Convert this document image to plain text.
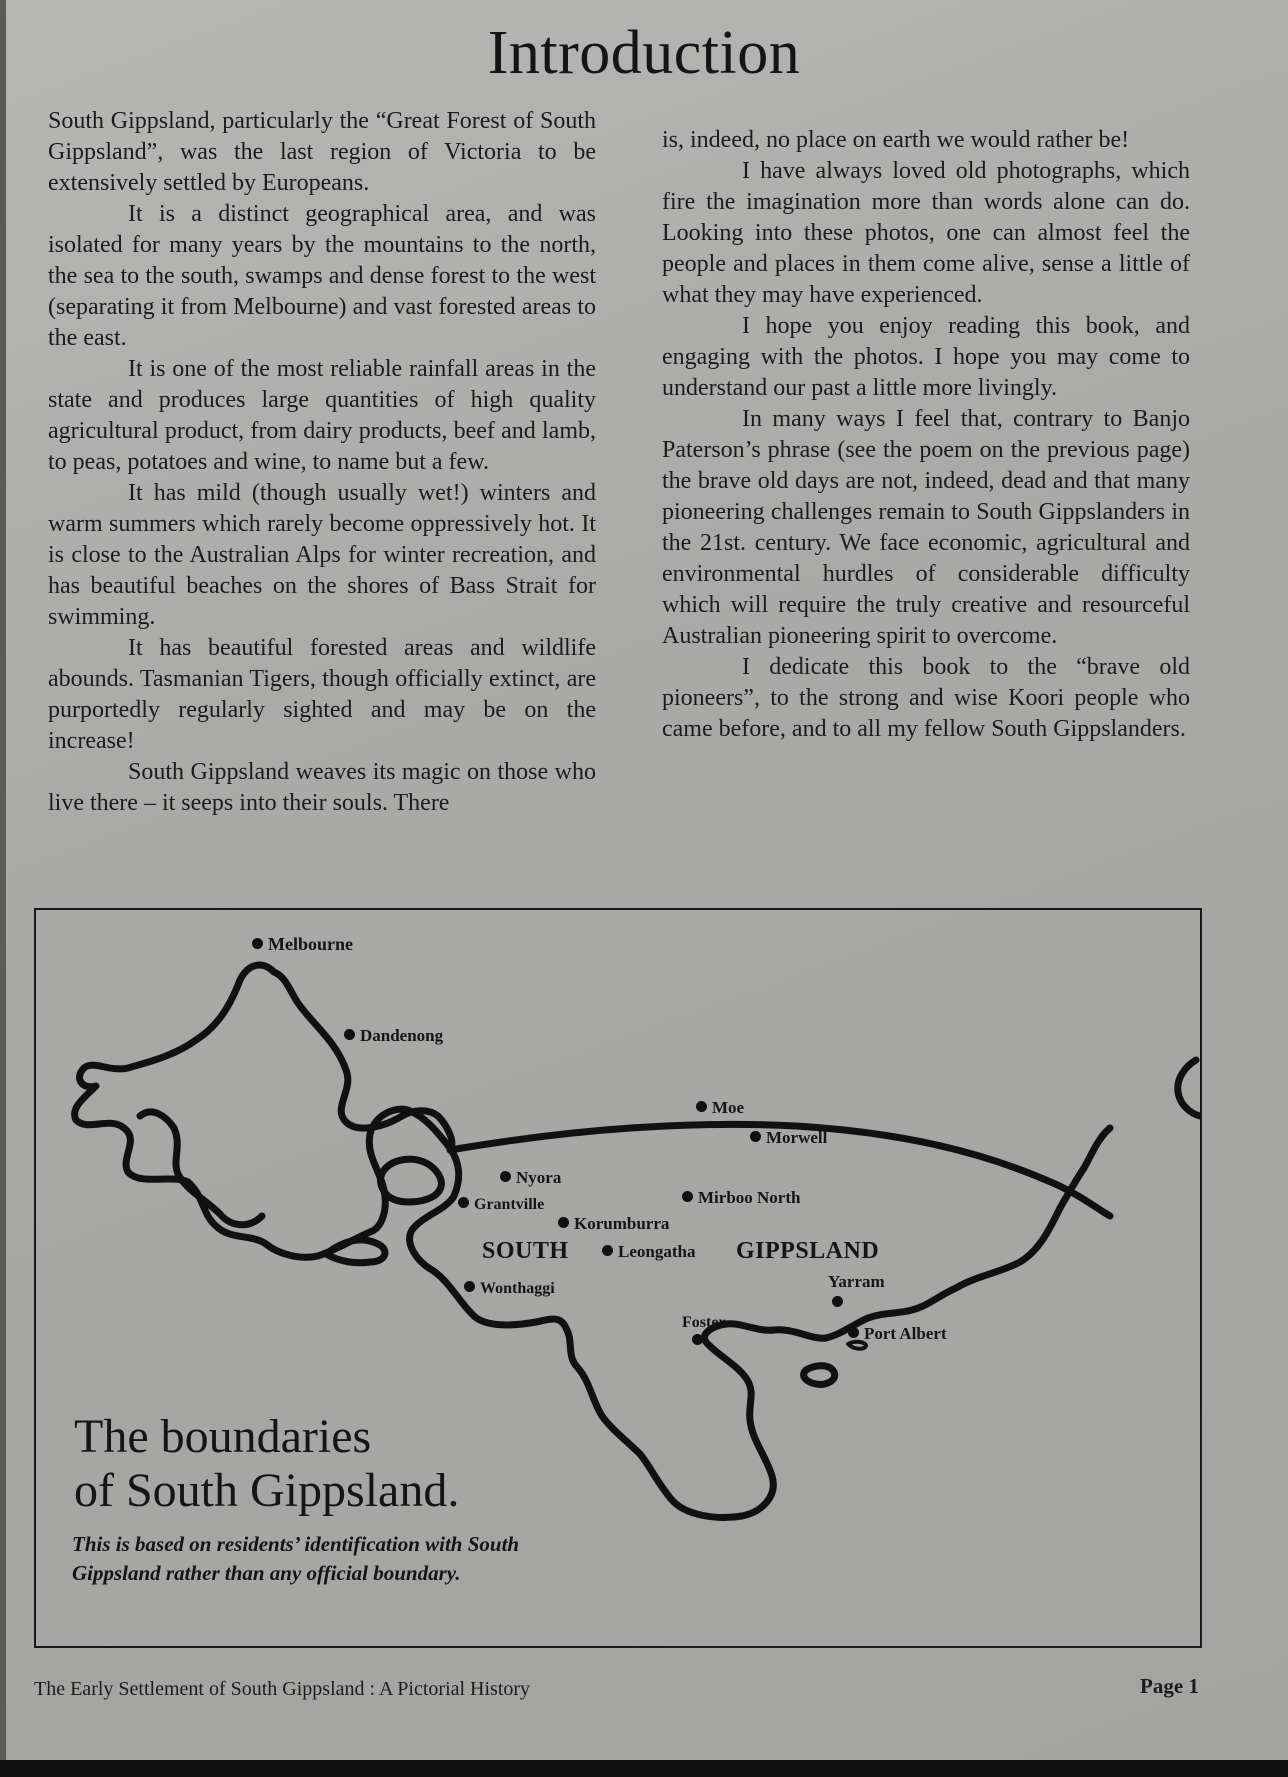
Introduction

South Gippsland, particularly the “Great Forest of South Gippsland”, was the last region of Victoria to be extensively settled by Europeans.

It is a distinct geographical area, and was isolated for many years by the mountains to the north, the sea to the south, swamps and dense forest to the west (separating it from Melbourne) and vast forested areas to the east.

It is one of the most reliable rainfall areas in the state and produces large quantities of high quality agricultural product, from dairy products, beef and lamb, to peas, potatoes and wine, to name but a few.

It has mild (though usually wet!) winters and warm summers which rarely become oppressively hot. It is close to the Australian Alps for winter recreation, and has beautiful beaches on the shores of Bass Strait for swimming.

It has beautiful forested areas and wildlife abounds. Tasmanian Tigers, though officially extinct, are purportedly regularly sighted and may be on the increase!

South Gippsland weaves its magic on those who live there – it seeps into their souls. There

is, indeed, no place on earth we would rather be!

I have always loved old photographs, which fire the imagination more than words alone can do. Looking into these photos, one can almost feel the people and places in them come alive, sense a little of what they may have experienced.

I hope you enjoy reading this book, and engaging with the photos. I hope you may come to understand our past a little more livingly.

In many ways I feel that, contrary to Banjo Paterson’s phrase (see the poem on the previous page) the brave old days are not, indeed, dead and that many pioneering challenges remain to South Gippslanders in the 21st. century. We face economic, agricultural and environmental hurdles of considerable difficulty which will require the truly creative and resourceful Australian pioneering spirit to overcome.

I dedicate this book to the “brave old pioneers”, to the strong and wise Koori people who came before, and to all my fellow South Gippslanders.

Melbourne
Dandenong
Moe
Morwell
Nyora
Grantville	Mirboo North
Korumburra
SOUTH	Leongatha GIPPSLAND
Wonthaggi	Yarram
Foster
Port Albert
The boundaries
of South Gippsland.

This is based on residents’ identification with South Gippsland rather than any official boundary.

The Early Settlement of South Gippsland : A Pictorial History	Page 1
